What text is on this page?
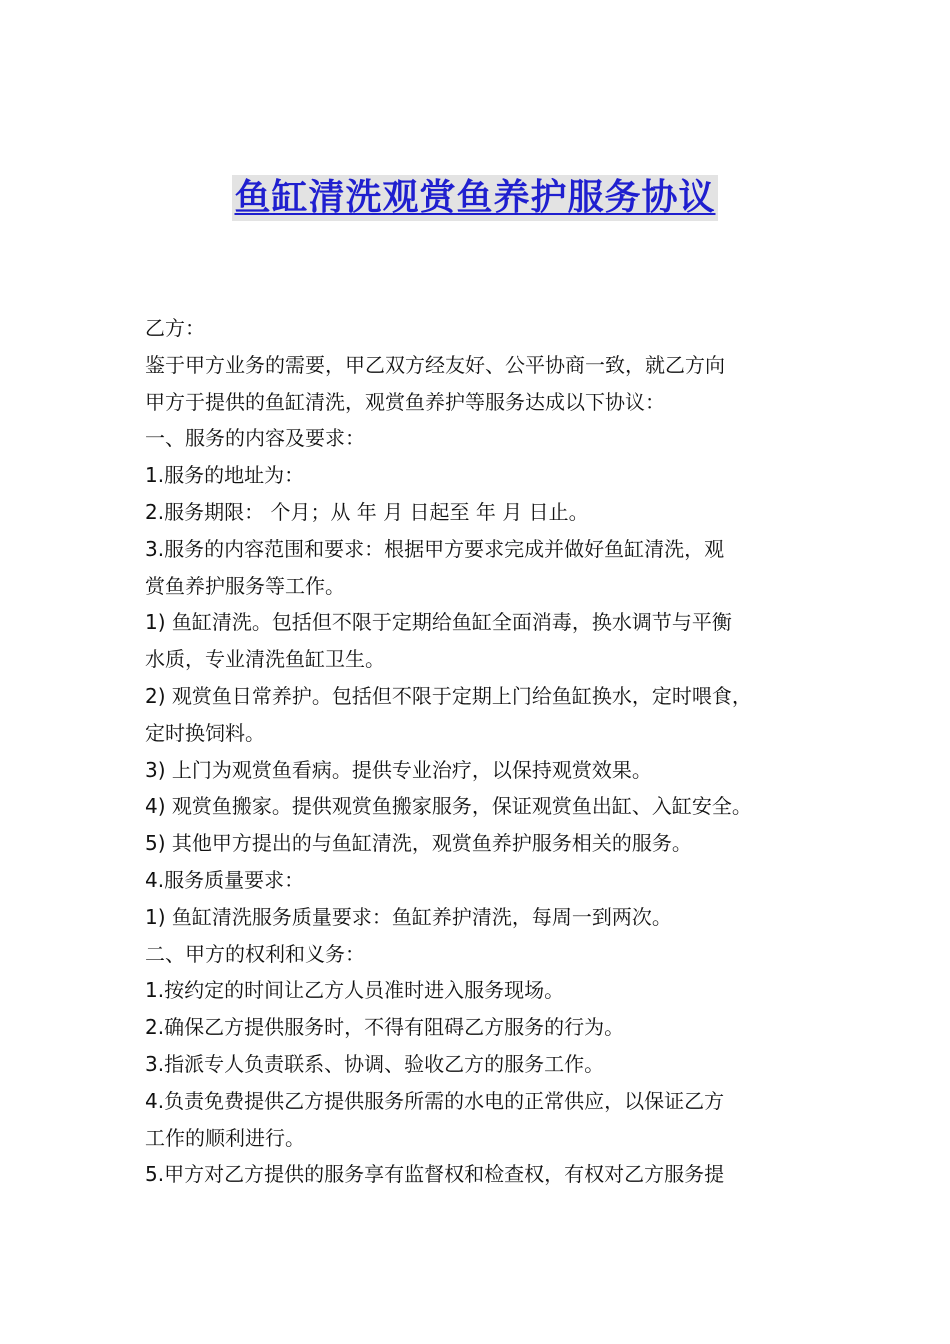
鱼缸清洗观赏鱼养护服务协议
乙方：
鉴于甲方业务的需要，甲乙双方经友好、公平协商一致，就乙方向
甲方于提供的鱼缸清洗，观赏鱼养护等服务达成以下协议：
一、服务的内容及要求：
1.服务的地址为：
2.服务期限： 个月；从 年 月 日起至 年 月 日止。
3.服务的内容范围和要求：根据甲方要求完成并做好鱼缸清洗，观
赏鱼养护服务等工作。
1) 鱼缸清洗。包括但不限于定期给鱼缸全面消毒，换水调节与平衡
水质，专业清洗鱼缸卫生。
2) 观赏鱼日常养护。包括但不限于定期上门给鱼缸换水，定时喂食，
定时换饲料。
3) 上门为观赏鱼看病。提供专业治疗，以保持观赏效果。
4) 观赏鱼搬家。提供观赏鱼搬家服务，保证观赏鱼出缸、入缸安全。
5) 其他甲方提出的与鱼缸清洗，观赏鱼养护服务相关的服务。
4.服务质量要求：
1) 鱼缸清洗服务质量要求：鱼缸养护清洗，每周一到两次。
二、甲方的权利和义务：
1.按约定的时间让乙方人员准时进入服务现场。
2.确保乙方提供服务时，不得有阻碍乙方服务的行为。
3.指派专人负责联系、协调、验收乙方的服务工作。
4.负责免费提供乙方提供服务所需的水电的正常供应，以保证乙方
工作的顺利进行。
5.甲方对乙方提供的服务享有监督权和检查权，有权对乙方服务提
